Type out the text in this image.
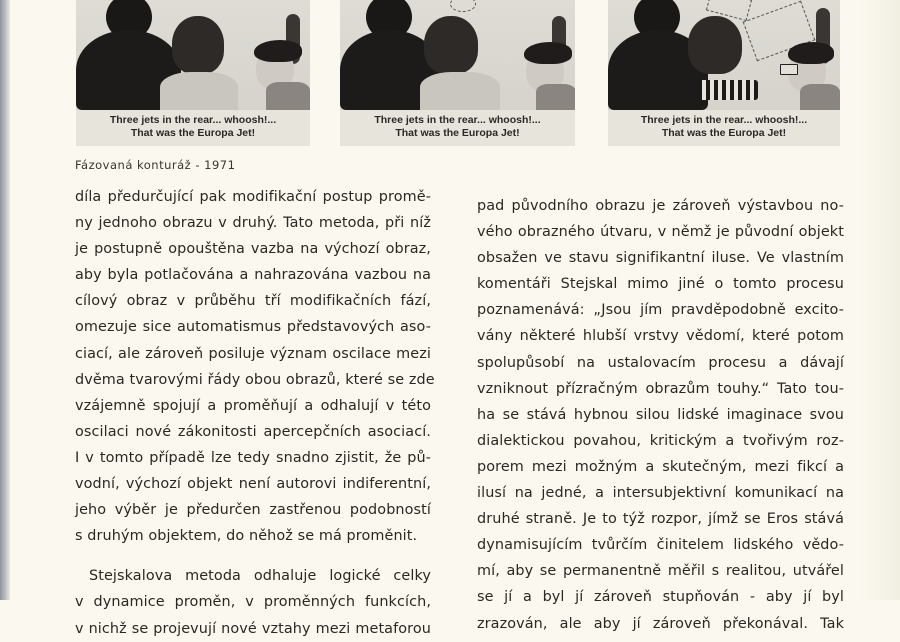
Three jets in the rear... whoosh!...
That was the Europa Jet!
Three jets in the rear... whoosh!...
That was the Europa Jet!
Three jets in the rear... whoosh!...
That was the Europa Jet!
Fázovaná konturáž - 1971

díla předurčující pak modifikační postup promě-
ny jednoho obrazu v druhý. Tato metoda, při níž
je postupně opouštěna vazba na výchozí obraz,
aby byla potlačována a nahrazována vazbou na
cílový obraz v průběhu tří modifikačních fází,
omezuje sice automatismus představových aso-
ciací, ale zároveň posiluje význam oscilace mezi
dvěma tvarovými řády obou obrazů, které se zde
vzájemně spojují a proměňují a odhalují v této
oscilaci nové zákonitosti apercepčních asociací.
I v tomto případě lze tedy snadno zjistit, že pů-
vodní, výchozí objekt není autorovi indiferentní,
jeho výběr je předurčen zastřenou podobností
s druhým objektem, do něhož se má proměnit.

Stejskalova metoda odhaluje logické celky
v dynamice proměn, v proměnných funkcích,
v nichž se projevují nové vztahy mezi metaforou

pad původního obrazu je zároveň výstavbou no-
vého obrazného útvaru, v němž je původní objekt
obsažen ve stavu signifikantní iluse. Ve vlastním
komentáři Stejskal mimo jiné o tomto procesu
poznamenává: „Jsou jím pravděpodobně excito-
vány některé hlubší vrstvy vědomí, které potom
spolupůsobí na ustalovacím procesu a dávají
vzniknout přízračným obrazům touhy.“ Tato tou-
ha se stává hybnou silou lidské imaginace svou
dialektickou povahou, kritickým a tvořivým roz-
porem mezi možným a skutečným, mezi fikcí a
ilusí na jedné, a intersubjektivní komunikací na
druhé straně. Je to týž rozpor, jímž se Eros stává
dynamisujícím tvůrčím činitelem lidského vědo-
mí, aby se permanentně měřil s realitou, utvářel
se jí a byl jí zároveň stupňován - aby jí byl
zrazován, ale aby jí zároveň překonával. Tak
